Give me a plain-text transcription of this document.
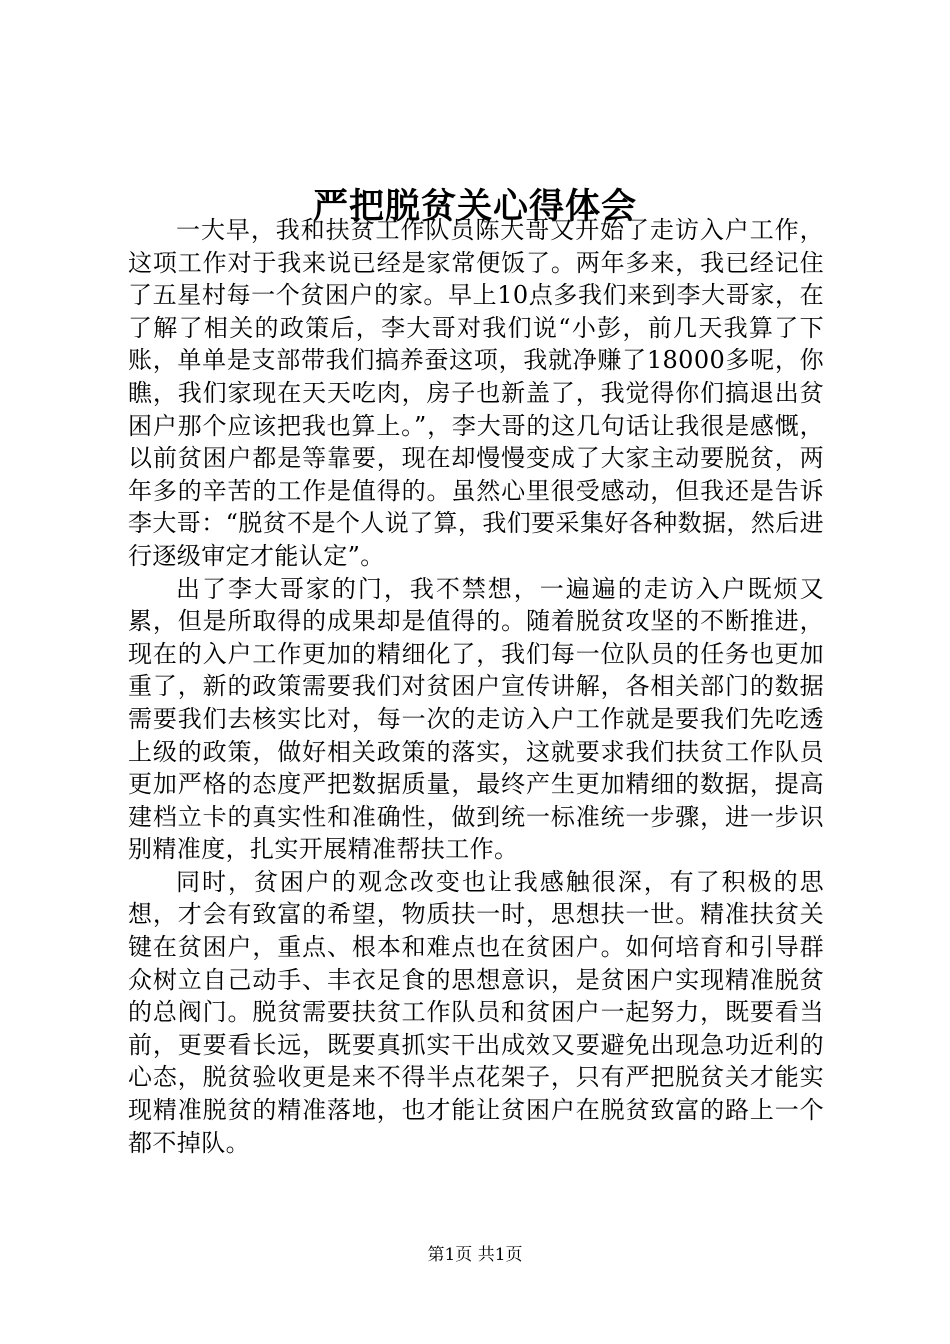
严把脱贫关心得体会

一大早，我和扶贫工作队员陈大哥又开始了走访入户工作，这项工作对于我来说已经是家常便饭了。两年多来，我已经记住了五星村每一个贫困户的家。早上10点多我们来到李大哥家，在了解了相关的政策后，李大哥对我们说“小彭，前几天我算了下账，单单是支部带我们搞养蚕这项，我就净赚了18000多呢，你瞧，我们家现在天天吃肉，房子也新盖了，我觉得你们搞退出贫困户那个应该把我也算上。”，李大哥的这几句话让我很是感慨，以前贫困户都是等靠要，现在却慢慢变成了大家主动要脱贫，两年多的辛苦的工作是值得的。虽然心里很受感动，但我还是告诉李大哥：“脱贫不是个人说了算，我们要采集好各种数据，然后进行逐级审定才能认定”。

出了李大哥家的门，我不禁想，一遍遍的走访入户既烦又累，但是所取得的成果却是值得的。随着脱贫攻坚的不断推进，现在的入户工作更加的精细化了，我们每一位队员的任务也更加重了，新的政策需要我们对贫困户宣传讲解，各相关部门的数据需要我们去核实比对，每一次的走访入户工作就是要我们先吃透上级的政策，做好相关政策的落实，这就要求我们扶贫工作队员更加严格的态度严把数据质量，最终产生更加精细的数据，提高建档立卡的真实性和准确性，做到统一标准统一步骤，进一步识别精准度，扎实开展精准帮扶工作。

同时，贫困户的观念改变也让我感触很深，有了积极的思想，才会有致富的希望，物质扶一时，思想扶一世。精准扶贫关键在贫困户，重点、根本和难点也在贫困户。如何培育和引导群众树立自己动手、丰衣足食的思想意识，是贫困户实现精准脱贫的总阀门。脱贫需要扶贫工作队员和贫困户一起努力，既要看当前，更要看长远，既要真抓实干出成效又要避免出现急功近利的心态，脱贫验收更是来不得半点花架子，只有严把脱贫关才能实现精准脱贫的精准落地，也才能让贫困户在脱贫致富的路上一个都不掉队。

第1页 共1页
